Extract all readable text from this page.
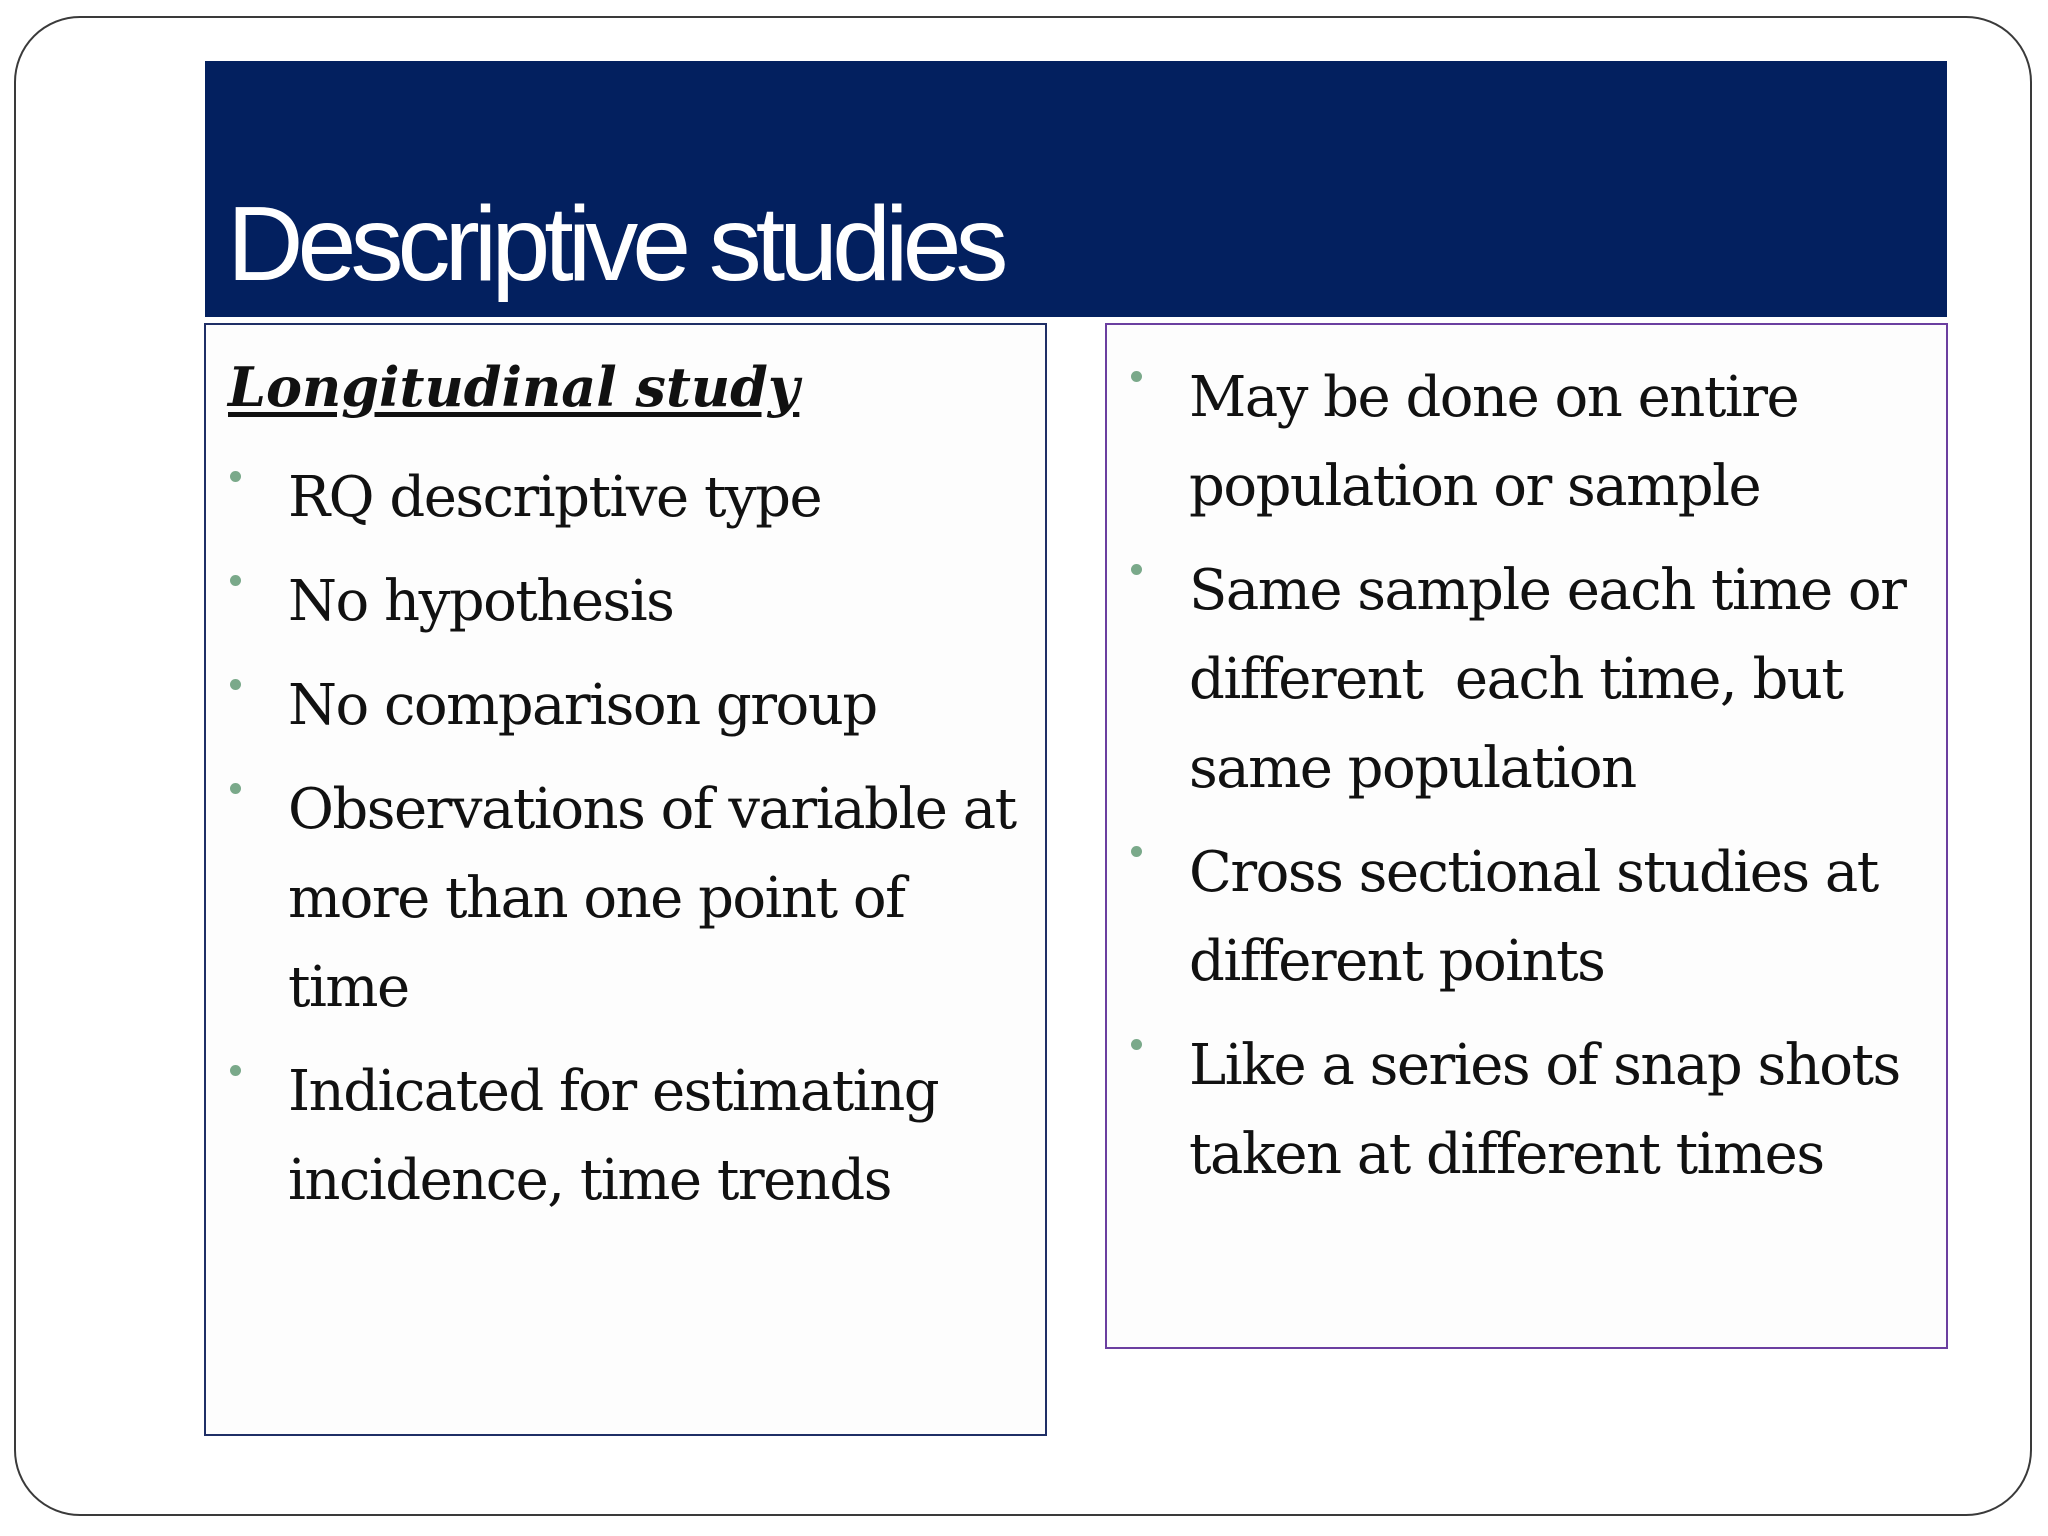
Descriptive studies
Longitudinal study
RQ descriptive type
No hypothesis
No comparison group
Observations of variable at more than one point of time
Indicated for estimating incidence, time trends
May be done on entire population or sample
Same sample each time or different  each time, but same population
Cross sectional studies at different points
Like a series of snap shots taken at different times
